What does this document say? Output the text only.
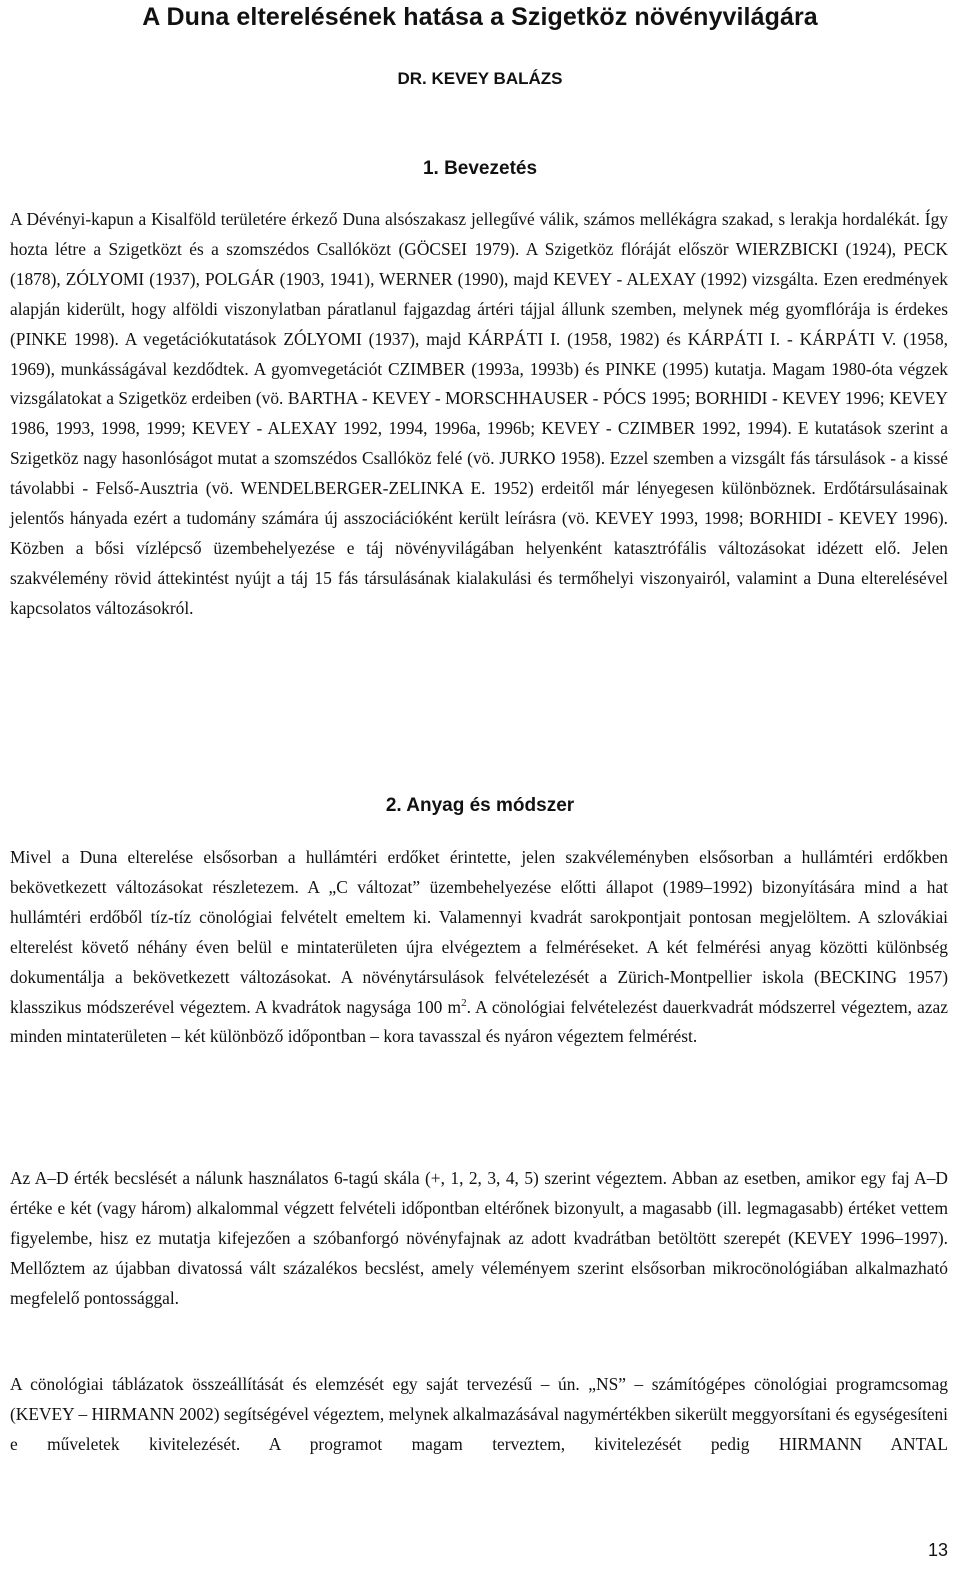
A Duna elterelésének hatása a Szigetköz növényvilágára
DR. KEVEY BALÁZS
1. Bevezetés

A Dévényi-kapun a Kisalföld területére érkező Duna alsószakasz jellegűvé válik, számos mellékágra szakad, s lerakja hordalékát. Így hozta létre a Szigetközt és a szomszédos Csallóközt (GÖCSEI 1979). A Szigetköz flóráját először WIERZBICKI (1924), PECK (1878), ZÓLYOMI (1937), POLGÁR (1903, 1941), WERNER (1990), majd KEVEY - ALEXAY (1992) vizsgálta. Ezen eredmények alapján kiderült, hogy alföldi viszonylatban páratlanul fajgazdag ártéri tájjal állunk szemben, melynek még gyomflórája is érdekes (PINKE 1998). A vegetációkutatások ZÓLYOMI (1937), majd KÁRPÁTI I. (1958, 1982) és KÁRPÁTI I. - KÁRPÁTI V. (1958, 1969), munkásságával kezdődtek. A gyomvegetációt CZIMBER (1993a, 1993b) és PINKE (1995) kutatja. Magam 1980-óta végzek vizsgálatokat a Szigetköz erdeiben (vö. BARTHA - KEVEY - MORSCHHAUSER - PÓCS 1995; BORHIDI - KEVEY 1996; KEVEY 1986, 1993, 1998, 1999; KEVEY - ALEXAY 1992, 1994, 1996a, 1996b; KEVEY - CZIMBER 1992, 1994). E kutatások szerint a Szigetköz nagy hasonlóságot mutat a szomszédos Csallóköz felé (vö. JURKO 1958). Ezzel szemben a vizsgált fás társulások - a kissé távolabbi - Felső-Ausztria (vö. WENDELBERGER-ZELINKA E. 1952) erdeitől már lényegesen különböznek. Erdőtársulásainak jelentős hányada ezért a tudomány számára új asszociációként került leírásra (vö. KEVEY 1993, 1998; BORHIDI - KEVEY 1996). Közben a bősi vízlépcső üzembehelyezése e táj növényvilágában helyenként katasztrófális változásokat idézett elő. Jelen szakvélemény rövid áttekintést nyújt a táj 15 fás társulásának kialakulási és termőhelyi viszonyairól, valamint a Duna elterelésével kapcsolatos változásokról.

2. Anyag és módszer

Mivel a Duna elterelése elsősorban a hullámtéri erdőket érintette, jelen szakvéleményben elsősorban a hullámtéri erdőkben bekövetkezett változásokat részletezem. A „C változat” üzembehelyezése előtti állapot (1989–1992) bizonyítására mind a hat hullámtéri erdőből tíz-tíz cönológiai felvételt emeltem ki. Valamennyi kvadrát sarokpontjait pontosan megjelöltem. A szlovákiai elterelést követő néhány éven belül e mintaterületen újra elvégeztem a felméréseket. A két felmérési anyag közötti különbség dokumentálja a bekövetkezett változásokat. A növénytársulások felvételezését a Zürich-Montpellier iskola (BECKING 1957) klasszikus módszerével végeztem. A kvadrátok nagysága 100 $m^2$. A cönológiai felvételezést dauerkvadrát módszerrel végeztem, azaz minden mintaterületen – két különböző időpontban – kora tavasszal és nyáron végeztem felmérést.

Az A–D érték becslését a nálunk használatos 6-tagú skála (+, 1, 2, 3, 4, 5) szerint végeztem. Abban az esetben, amikor egy faj A–D értéke e két (vagy három) alkalommal végzett felvételi időpontban eltérőnek bizonyult, a magasabb (ill. legmagasabb) értéket vettem figyelembe, hisz ez mutatja kifejezően a szóbanforgó növényfajnak az adott kvadrátban betöltött szerepét (KEVEY 1996–1997). Mellőztem az újabban divatossá vált százalékos becslést, amely véleményem szerint elsősorban mikrocönológiában alkalmazható megfelelő pontossággal.

A cönológiai táblázatok összeállítását és elemzését egy saját tervezésű – ún. „NS” – számítógépes cönológiai programcsomag (KEVEY – HIRMANN 2002) segítségével végeztem, melynek alkalmazásával nagymértékben sikerült meggyorsítani és egységesíteni e műveletek kivitelezését. A programot magam terveztem, kivitelezését pedig HIRMANN ANTAL

13
